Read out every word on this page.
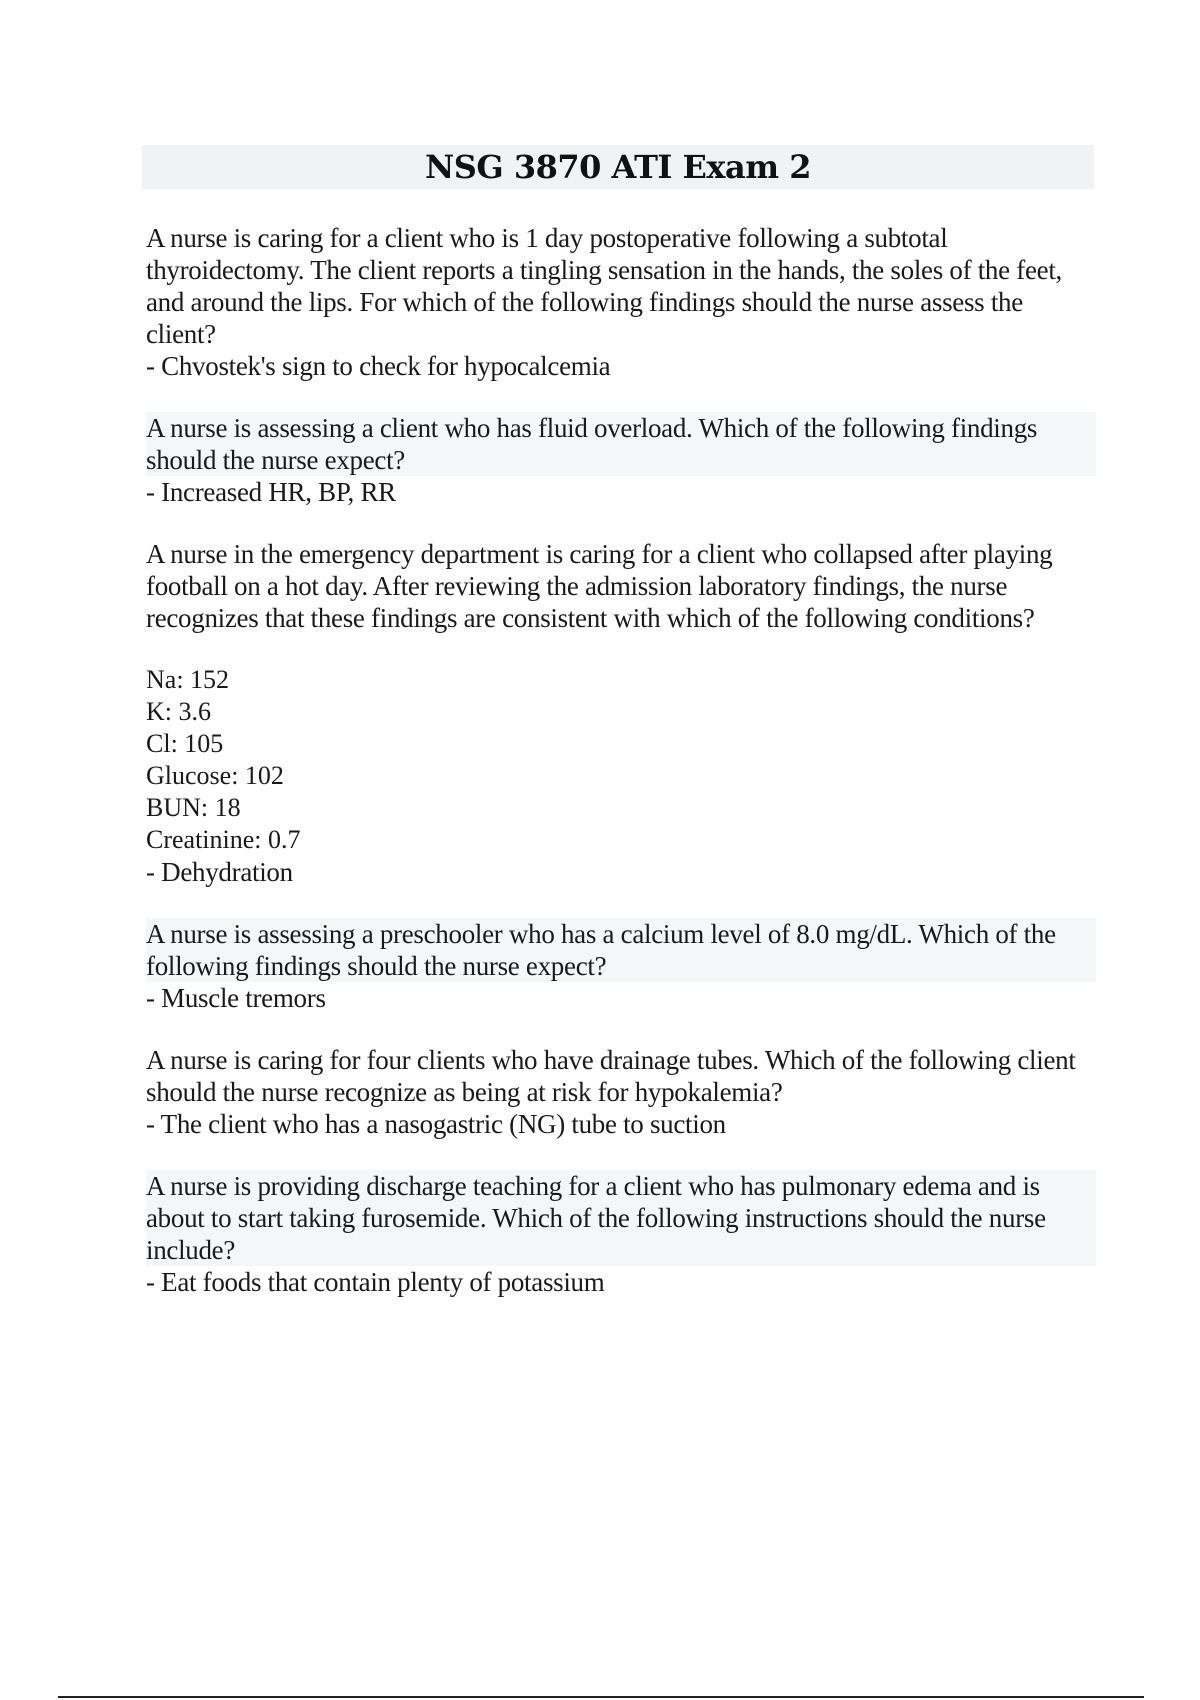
NSG 3870 ATI Exam 2

A nurse is caring for a client who is 1 day postoperative following a subtotal thyroidectomy. The client reports a tingling sensation in the hands, the soles of the feet, and around the lips. For which of the following findings should the nurse assess the client?

- Chvostek's sign to check for hypocalcemia

A nurse is assessing a client who has fluid overload. Which of the following findings should the nurse expect?

- Increased HR, BP, RR

A nurse in the emergency department is caring for a client who collapsed after playing football on a hot day. After reviewing the admission laboratory findings, the nurse recognizes that these findings are consistent with which of the following conditions?

Na: 152

K: 3.6

Cl: 105

Glucose: 102

BUN: 18

Creatinine: 0.7

- Dehydration

A nurse is assessing a preschooler who has a calcium level of 8.0 mg/dL. Which of the following findings should the nurse expect?

- Muscle tremors

A nurse is caring for four clients who have drainage tubes. Which of the following client should the nurse recognize as being at risk for hypokalemia?

- The client who has a nasogastric (NG) tube to suction

A nurse is providing discharge teaching for a client who has pulmonary edema and is about to start taking furosemide. Which of the following instructions should the nurse include?

- Eat foods that contain plenty of potassium
